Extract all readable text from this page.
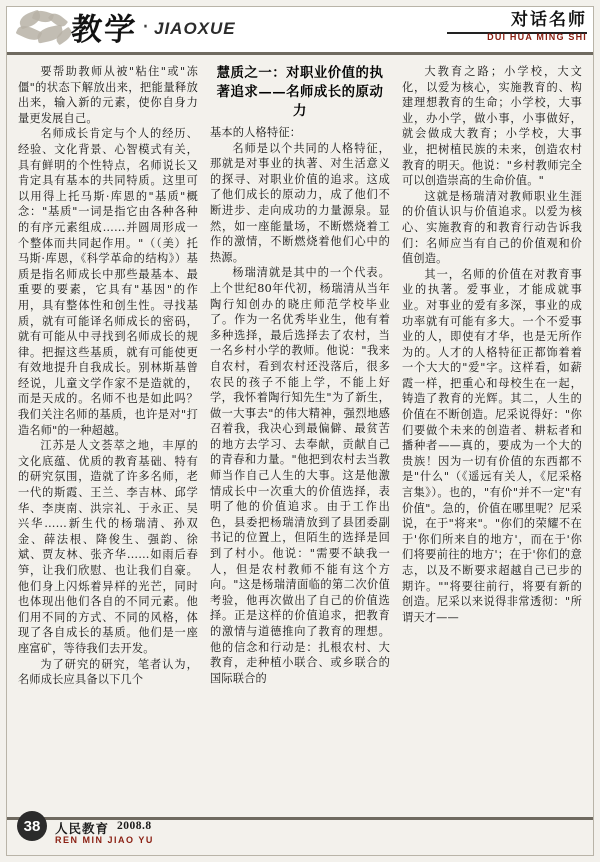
教学 · JIAOXUE	对话名师
DUI HUA MING SHI

要帮助教师从被"粘住"或"冻僵"的状态下解放出来，把能量释放出来，输入新的元素，使你自身力量更发展自己。

名师成长肯定与个人的经历、经验、文化背景、心智模式有关，具有鲜明的个性特点，名师说长又肯定具有基本的共同特质。这里可以用得上托马斯·库恩的"基质"概念："基质"一词是指它由各种各种的有序元素组成……并圆周形成一个整体而共同起作用。"（（美）托马斯·库恩，《科学革命的结构》）基质是指名师成长中那些最基本、最重要的要素，它具有"基因"的作用，具有整体性和创生性。寻找基质，就有可能译名师成长的密码，就有可能从中寻找到名师成长的规律。把握这些基质，就有可能使更有效地提升自我成长。别林斯基曾经说，儿童文学作家不是造就的，而是天成的。名师不也是如此吗？我们关注名师的基质，也许是对"打造名师"的一种超越。

江苏是人文荟萃之地，丰厚的文化底蕴、优质的教育基础、特有的研究氛围，造就了许多名师，老一代的斯霞、王兰、李吉林、邱学华、李庚南、洪宗礼、于永正、吴兴华……新生代的杨瑞清、孙双金、薛法根、降俊生、强韵、徐斌、贾友林、张齐华……如雨后春笋，让我们欣慰、也让我们自豪。他们身上闪烁着异样的光芒，同时也体现出他们各自的不同元素。他们用不同的方式、不同的风格，体现了各自成长的基质。他们是一座座富矿，等待我们去开发。

为了研究的研究，笔者认为，名师成长应具备以下几个

慧质之一：对职业价值的执著追求——名师成长的原动力

基本的人格特征：

名师是以个共同的人格特征，那就是对事业的执著、对生活意义的探寻、对职业价值的追求。这成了他们成长的原动力，成了他们不断进步、走向成功的力量源泉。显然，如一座能量场，不断燃烧着工作的激情，不断燃烧着他们心中的热源。

杨瑞清就是其中的一个代表。上个世纪80年代初，杨瑞清从当年陶行知创办的晓庄师范学校毕业了。作为一名优秀毕业生，他有着多种选择，最后选择去了农村，当一名乡村小学的教师。他说："我来自农村，看到农村还没落后，很多农民的孩子不能上学，不能上好学，我怀着陶行知先生"为了新生，做一大事去"的伟大精神，强烈地感召着我，我决心到最偏僻、最贫苦的地方去学习、去奉献，贡献自己的青春和力量。"他把到农村去当教师当作自己人生的大事。这是他激情成长中一次重大的价值选择，表明了他的价值追求。由于工作出色，县委把杨瑞清放到了县团委副书记的位置上，但陌生的选择是回到了村小。他说："需要不缺我一人，但是农村教师不能有这个方向。"这是杨瑞清面临的第二次价值考验，他再次做出了自己的价值选择。正是这样的价值追求，把教育的激情与道德推向了教育的理想。他的信念和行动是：扎根农村、大教育，走种植小联合、或乡联合的国际联合的

大教育之路；小学校，大文化，以爱为核心，实施教育的、构建理想教育的生命；小学校，大事业，办小学，做小事，小事做好，就会做成大教育；小学校，大事业，把树植民族的未来，创造农村教育的明天。他说："乡村教师完全可以创造崇高的生命价值。"

这就是杨瑞清对教师职业生涯的价值认识与价值追求。以爱为核心、实施教育的和教育行动告诉我们：名师应当有自己的价值观和价值创造。

其一，名师的价值在对教育事业的执著。爱事业，才能成就事业。对事业的爱有多深，事业的成功率就有可能有多大。一个不爱事业的人，即使有才华，也是无所作为的。人才的人格特征正都饰着着一个大大的"爱"字。这样看，如薪霞一样，把重心和母校生在一起，铸造了教育的光辉。其二，人生的价值在不断创造。尼采说得好："你们要做个未来的创造者、耕耘者和播种者——真的，要成为一个大的贵族！因为一切有价值的东西都不是"什么"（《遥远有关人，《尼采格言集》）。也的，"有价"并不一定"有价值"。急的，价值在哪里呢？尼采说，在于"将来"。"你们的荣耀不在于'你们所来自的地方'，而在于'你们将要前往的地方'；在于'你们的意志，以及不断要求超越自己已步的期许。""将要往前行，将要有新的创造。尼采以来说得非常透彻："所谓天才——

38	人民教育 2008.8
REN MIN JIAO YU
